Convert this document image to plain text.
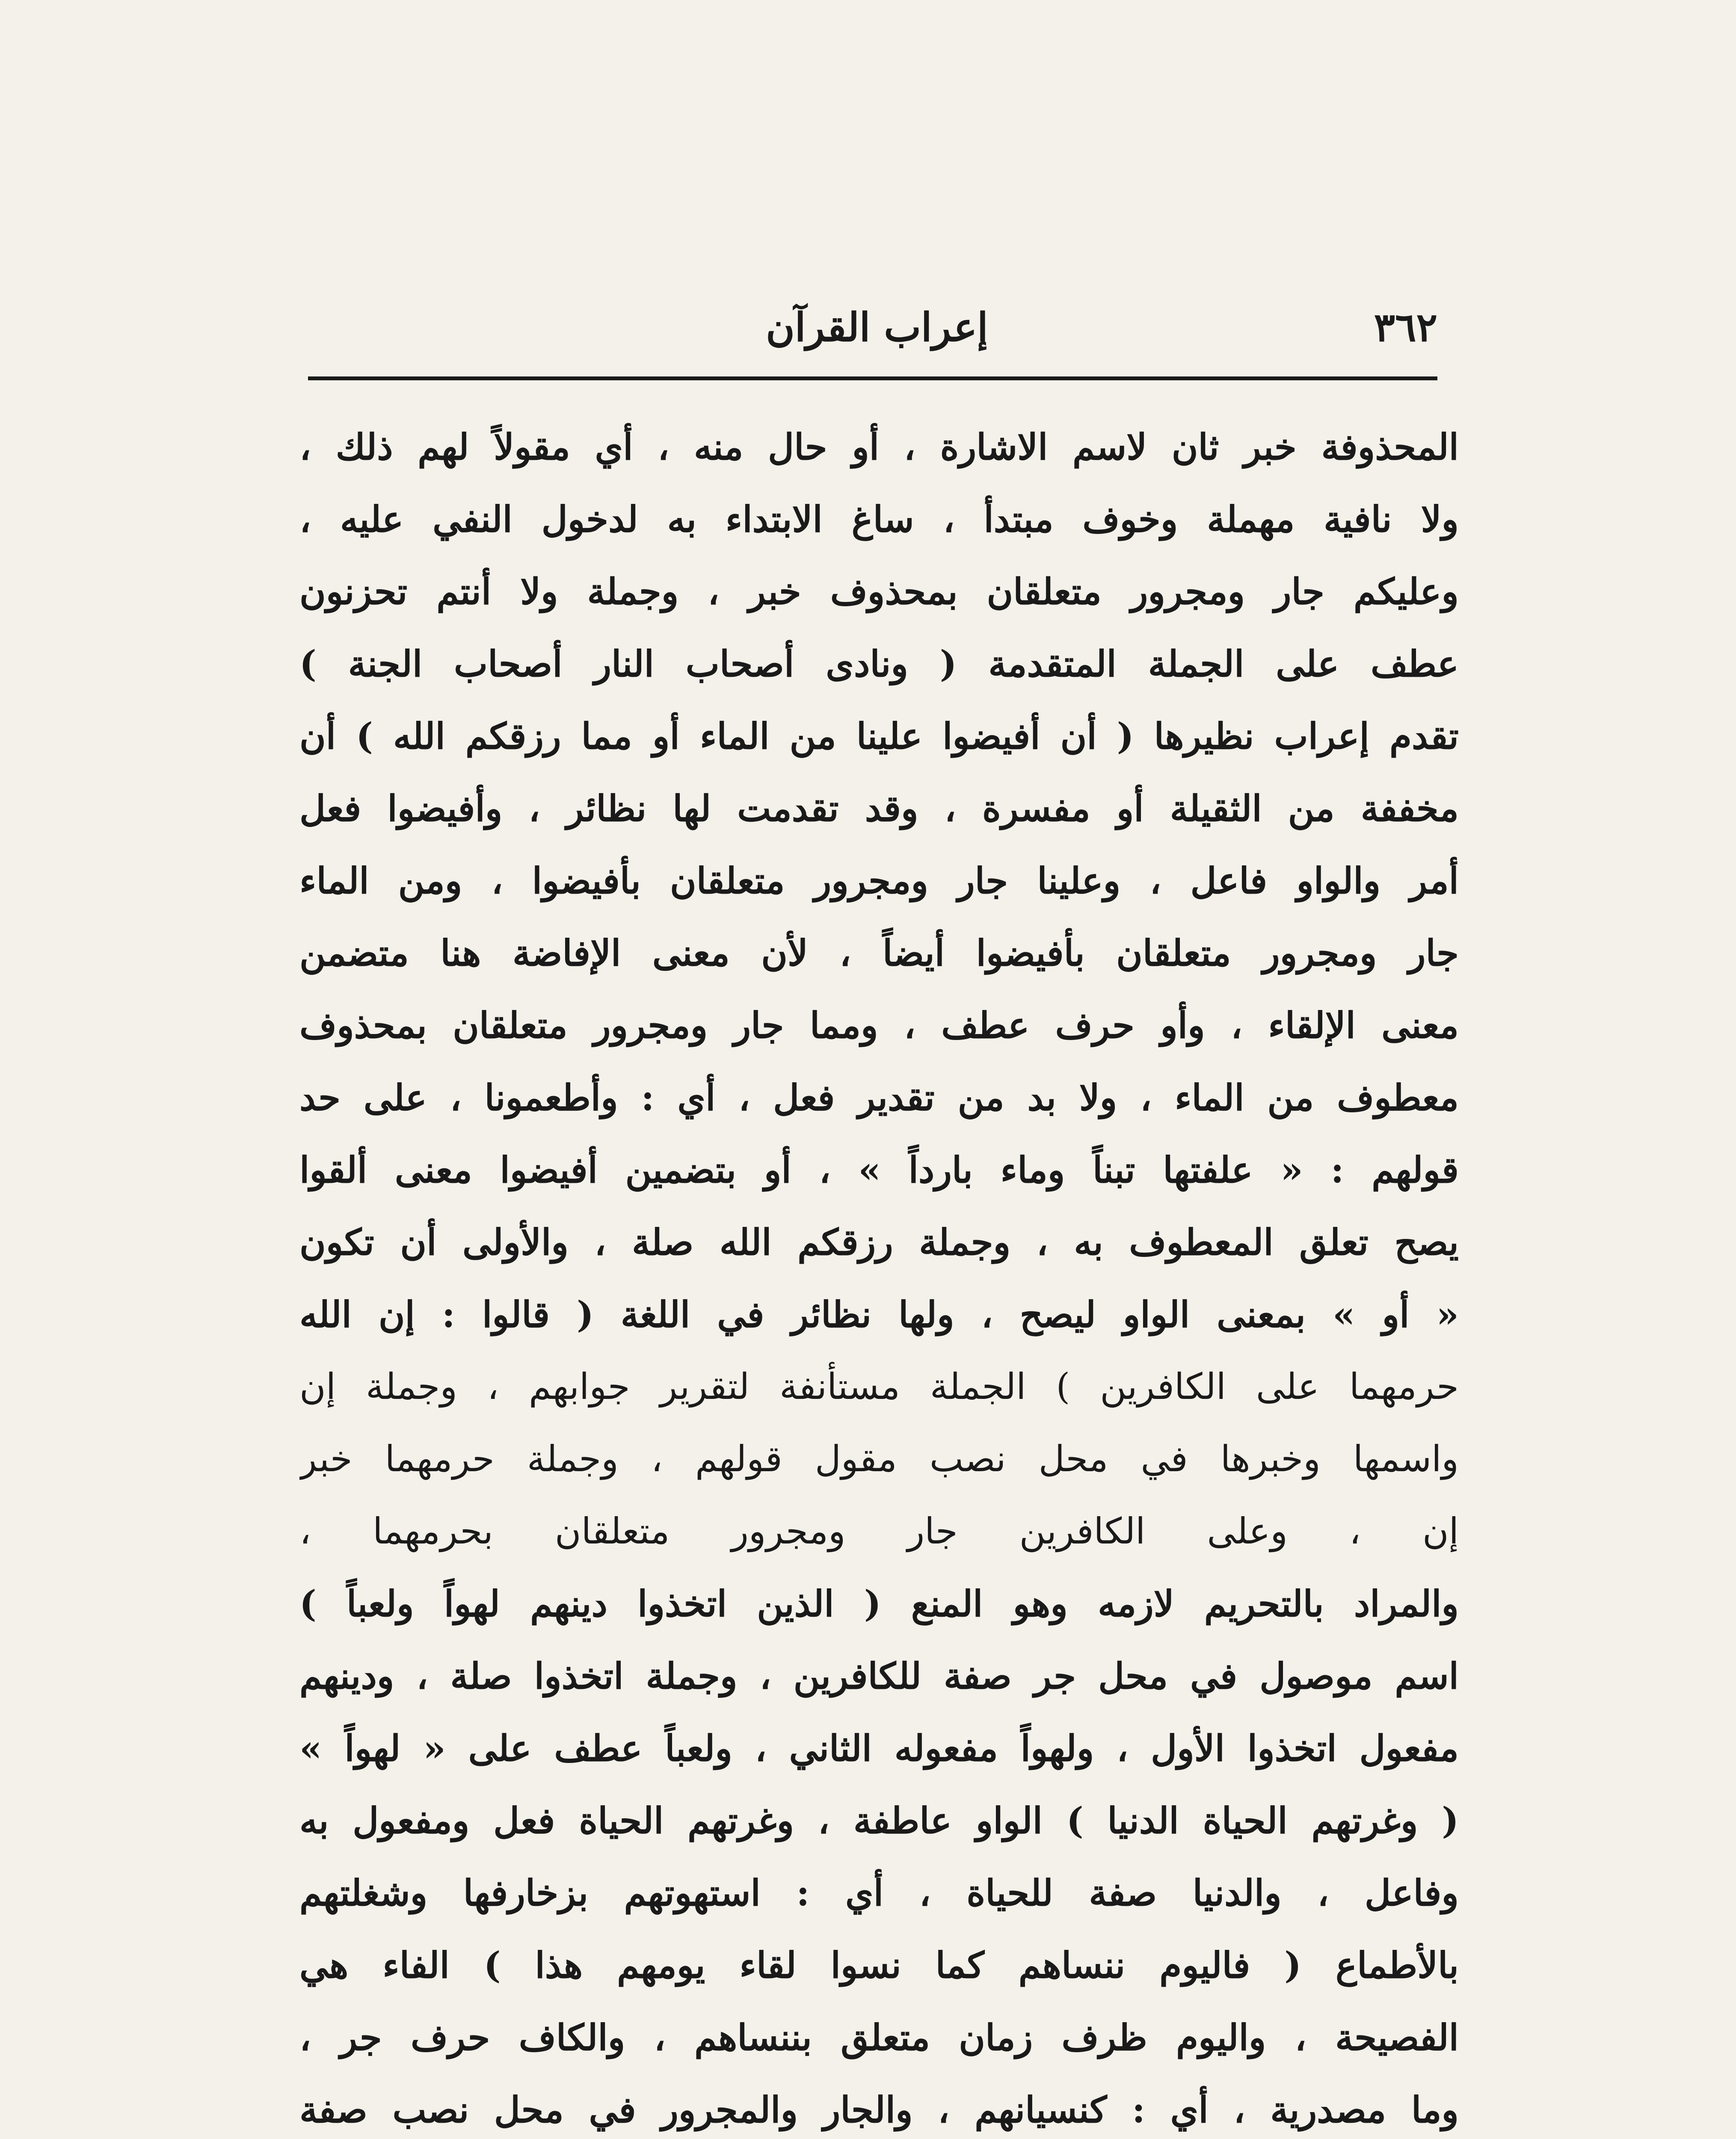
٣٦٢
إعراب القرآن
المحذوفة خبر ثان لاسم الاشارة ، أو حال منه ، أي مقولاً لهم ذلك ،
ولا نافية مهملة وخوف مبتدأ ، ساغ الابتداء به لدخول النفي عليه ،
وعليكم جار ومجرور متعلقان بمحذوف خبر ، وجملة ولا أنتم تحزنون
عطف على الجملة المتقدمة ( ونادى أصحاب النار أصحاب الجنة )
تقدم إعراب نظيرها ( أن أفيضوا علينا من الماء أو مما رزقكم الله ) أن
مخففة من الثقيلة أو مفسرة ، وقد تقدمت لها نظائر ، وأفيضوا فعل
أمر والواو فاعل ، وعلينا جار ومجرور متعلقان بأفيضوا ، ومن الماء
جار ومجرور متعلقان بأفيضوا أيضاً ، لأن معنى الإفاضة هنا متضمن
معنى الإلقاء ، وأو حرف عطف ، ومما جار ومجرور متعلقان بمحذوف
معطوف من الماء ، ولا بد من تقدير فعل ، أي : وأطعمونا ، على حد
قولهم : « علفتها تبناً وماء بارداً » ، أو بتضمين أفيضوا معنى ألقوا
يصح تعلق المعطوف به ، وجملة رزقكم الله صلة ، والأولى أن تكون
« أو » بمعنى الواو ليصح ، ولها نظائر في اللغة ( قالوا : إن الله
حرمهما على الكافرين ) الجملة مستأنفة لتقرير جوابهم ، وجملة إن
واسمها وخبرها في محل نصب مقول قولهم ، وجملة حرمهما خبر
إن ، وعلى الكافرين جار ومجرور متعلقان بحرمهما ،
والمراد بالتحريم لازمه وهو المنع ( الذين اتخذوا دينهم لهواً ولعباً )
اسم موصول في محل جر صفة للكافرين ، وجملة اتخذوا صلة ، ودينهم
مفعول اتخذوا الأول ، ولهواً مفعوله الثاني ، ولعباً عطف على « لهواً »
( وغرتهم الحياة الدنيا ) الواو عاطفة ، وغرتهم الحياة فعل ومفعول به
وفاعل ، والدنيا صفة للحياة ، أي : استهوتهم بزخارفها وشغلتهم
بالأطماع ( فاليوم ننساهم كما نسوا لقاء يومهم هذا ) الفاء هي
الفصيحة ، واليوم ظرف زمان متعلق بننساهم ، والكاف حرف جر ،
وما مصدرية ، أي : كنسيانهم ، والجار والمجرور في محل نصب صفة
